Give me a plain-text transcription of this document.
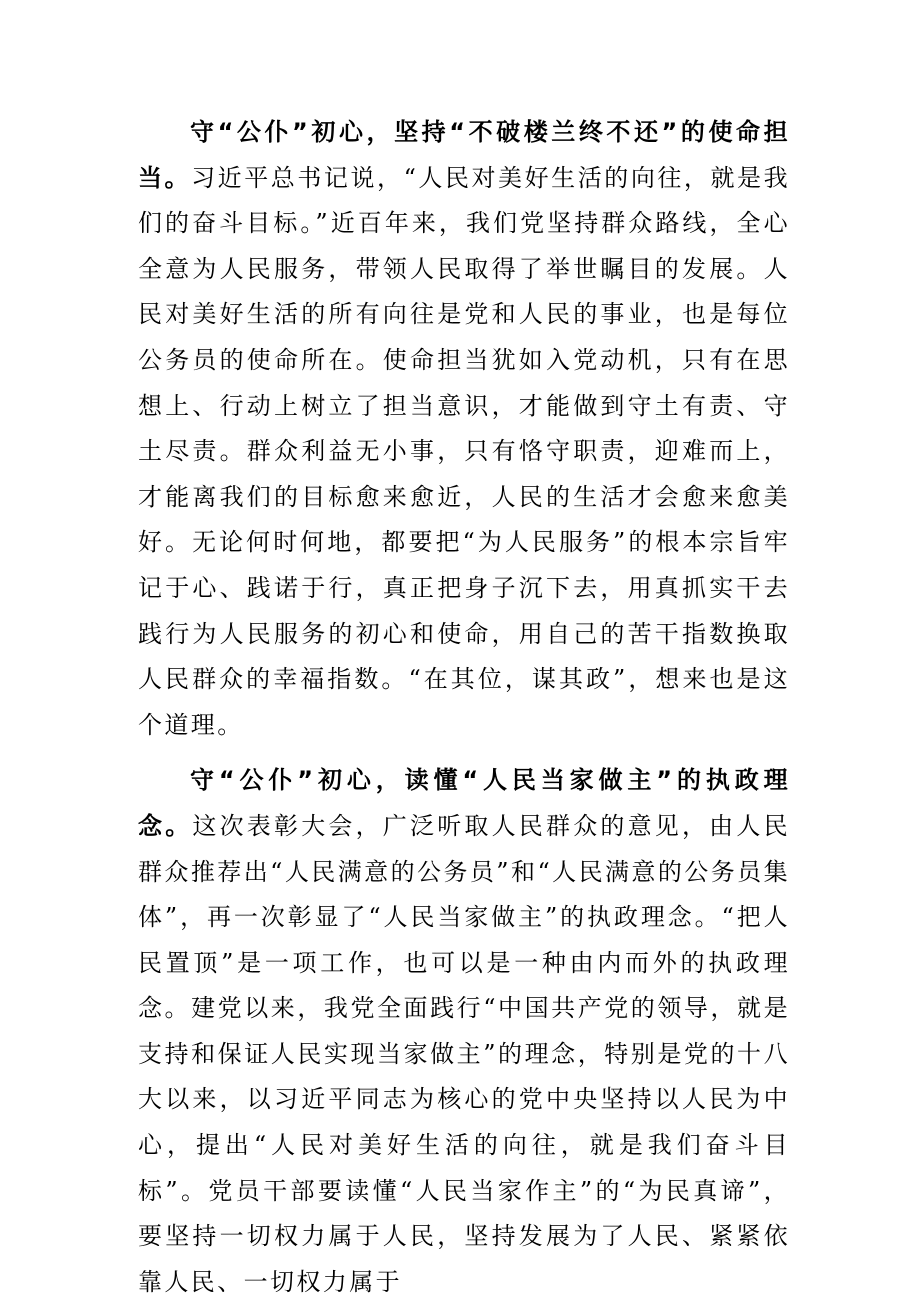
守“公仆”初心，坚持“不破楼兰终不还”的使命担当。习近平总书记说，“人民对美好生活的向往，就是我们的奋斗目标。”近百年来，我们党坚持群众路线，全心全意为人民服务，带领人民取得了举世瞩目的发展。人民对美好生活的所有向往是党和人民的事业，也是每位公务员的使命所在。使命担当犹如入党动机，只有在思想上、行动上树立了担当意识，才能做到守土有责、守土尽责。群众利益无小事，只有恪守职责，迎难而上，才能离我们的目标愈来愈近，人民的生活才会愈来愈美好。无论何时何地，都要把“为人民服务”的根本宗旨牢记于心、践诺于行，真正把身子沉下去，用真抓实干去践行为人民服务的初心和使命，用自己的苦干指数换取人民群众的幸福指数。“在其位，谋其政”，想来也是这个道理。

守“公仆”初心，读懂“人民当家做主”的执政理念。这次表彰大会，广泛听取人民群众的意见，由人民群众推荐出“人民满意的公务员”和“人民满意的公务员集体”，再一次彰显了“人民当家做主”的执政理念。“把人民置顶”是一项工作，也可以是一种由内而外的执政理念。建党以来，我党全面践行“中国共产党的领导，就是支持和保证人民实现当家做主”的理念，特别是党的十八大以来，以习近平同志为核心的党中央坚持以人民为中心，提出“人民对美好生活的向往，就是我们奋斗目标”。党员干部要读懂“人民当家作主”的“为民真谛”，要坚持一切权力属于人民，坚持发展为了人民、紧紧依靠人民、一切权力属于
